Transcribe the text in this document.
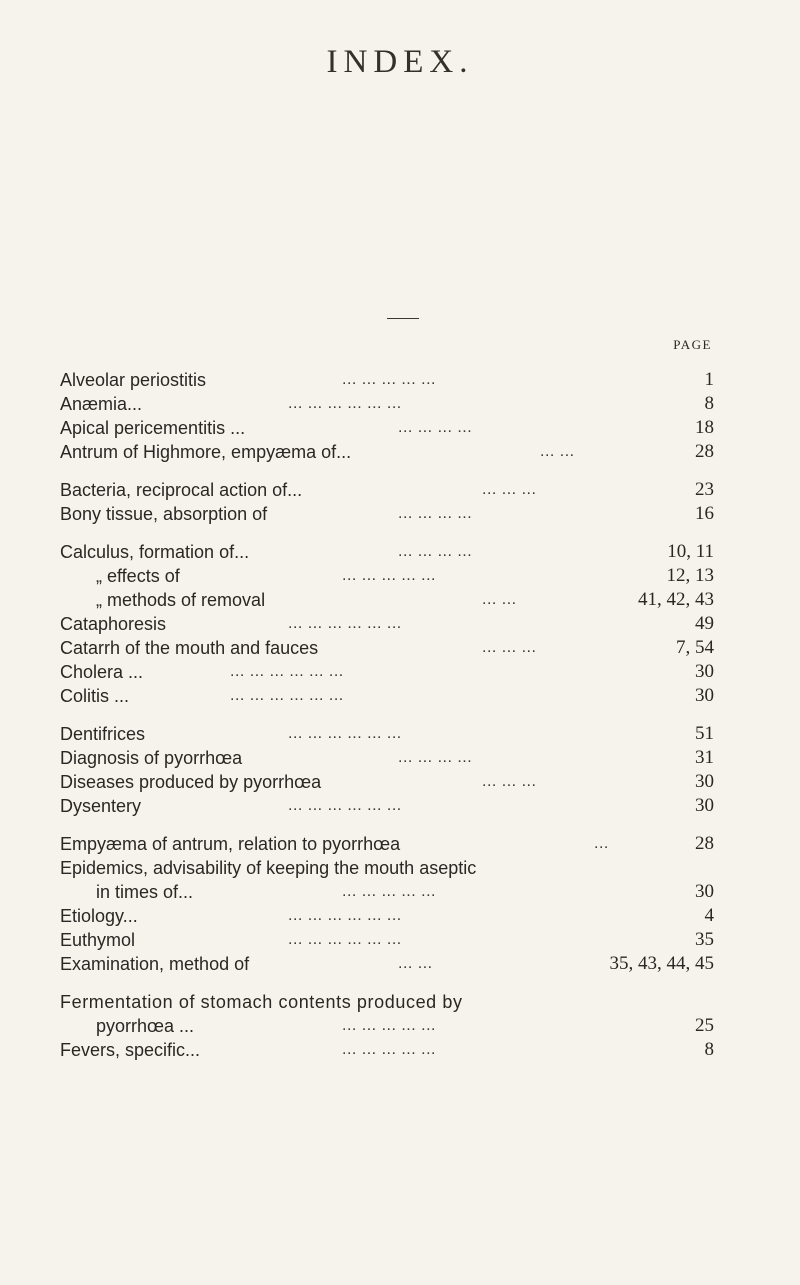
INDEX.
PAGE
Alveolar periostitis	... ... ... ... ...	1
Anæmia...	... ... ... ... ... ...	8
Apical pericementitis ...	... ... ... ...	18
Antrum of Highmore, empyæma of...	... ...	28
Bacteria, reciprocal action of...	... ... ...	23
Bony tissue, absorption of	... ... ... ...	16
Calculus, formation of...	... ... ... ...	10, 11
„ effects of	... ... ... ... ...	12, 13
„ methods of removal	... ...	41, 42, 43
Cataphoresis	... ... ... ... ... ...	49
Catarrh of the mouth and fauces	... ... ...	7, 54
Cholera ...	... ... ... ... ... ...	30
Colitis ...	... ... ... ... ... ...	30
Dentifrices	... ... ... ... ... ...	51
Diagnosis of pyorrhœa	... ... ... ...	31
Diseases produced by pyorrhœa	... ... ...	30
Dysentery	... ... ... ... ... ...	30
Empyæma of antrum, relation to pyorrhœa	...	28
Epidemics, advisability of keeping the mouth aseptic
in times of...	... ... ... ... ...	30
Etiology...	... ... ... ... ... ...	4
Euthymol	... ... ... ... ... ...	35
Examination, method of	... ...	35, 43, 44, 45
Fermentation of stomach contents produced by
pyorrhœa ...	... ... ... ... ...	25
Fevers, specific...	... ... ... ... ...	8
